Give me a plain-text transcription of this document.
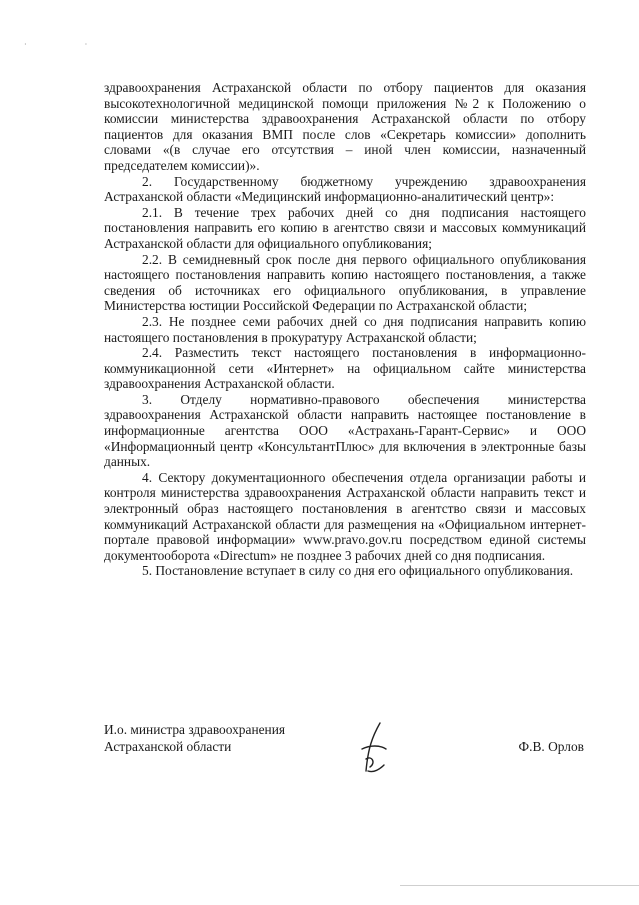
· ·

здравоохранения Астраханской области по отбору пациентов для оказания высокотехнологичной медицинской помощи приложения №2 к Положению о комиссии министерства здравоохранения Астраханской области по отбору пациентов для оказания ВМП после слов «Секретарь комиссии» дополнить словами «(в случае его отсутствия – иной член комиссии, назначенный председателем комиссии)».

2. Государственному бюджетному учреждению здравоохранения Астраханской области «Медицинский информационно-аналитический центр»:

2.1. В течение трех рабочих дней со дня подписания настоящего постановления направить его копию в агентство связи и массовых коммуникаций Астраханской области для официального опубликования;

2.2. В семидневный срок после дня первого официального опубликования настоящего постановления направить копию настоящего постановления, а также сведения об источниках его официального опубликования, в управление Министерства юстиции Российской Федерации по Астраханской области;

2.3. Не позднее семи рабочих дней со дня подписания направить копию настоящего постановления в прокуратуру Астраханской области;

2.4. Разместить текст настоящего постановления в информационно-коммуникационной сети «Интернет» на официальном сайте министерства здравоохранения Астраханской области.

3. Отделу нормативно-правового обеспечения министерства здравоохранения Астраханской области направить настоящее постановление в информационные агентства ООО «Астрахань-Гарант-Сервис» и ООО «Информационный центр «КонсультантПлюс» для включения в электронные базы данных.

4. Сектору документационного обеспечения отдела организации работы и контроля министерства здравоохранения Астраханской области направить текст и электронный образ настоящего постановления в агентство связи и массовых коммуникаций Астраханской области для размещения на «Официальном интернет-портале правовой информации» www.pravo.gov.ru посредством единой системы документооборота «Directum» не позднее 3 рабочих дней со дня подписания.

5. Постановление вступает в силу со дня его официального опубликования.

И.о. министра здравоохранения
Астраханской области	Ф.В. Орлов
